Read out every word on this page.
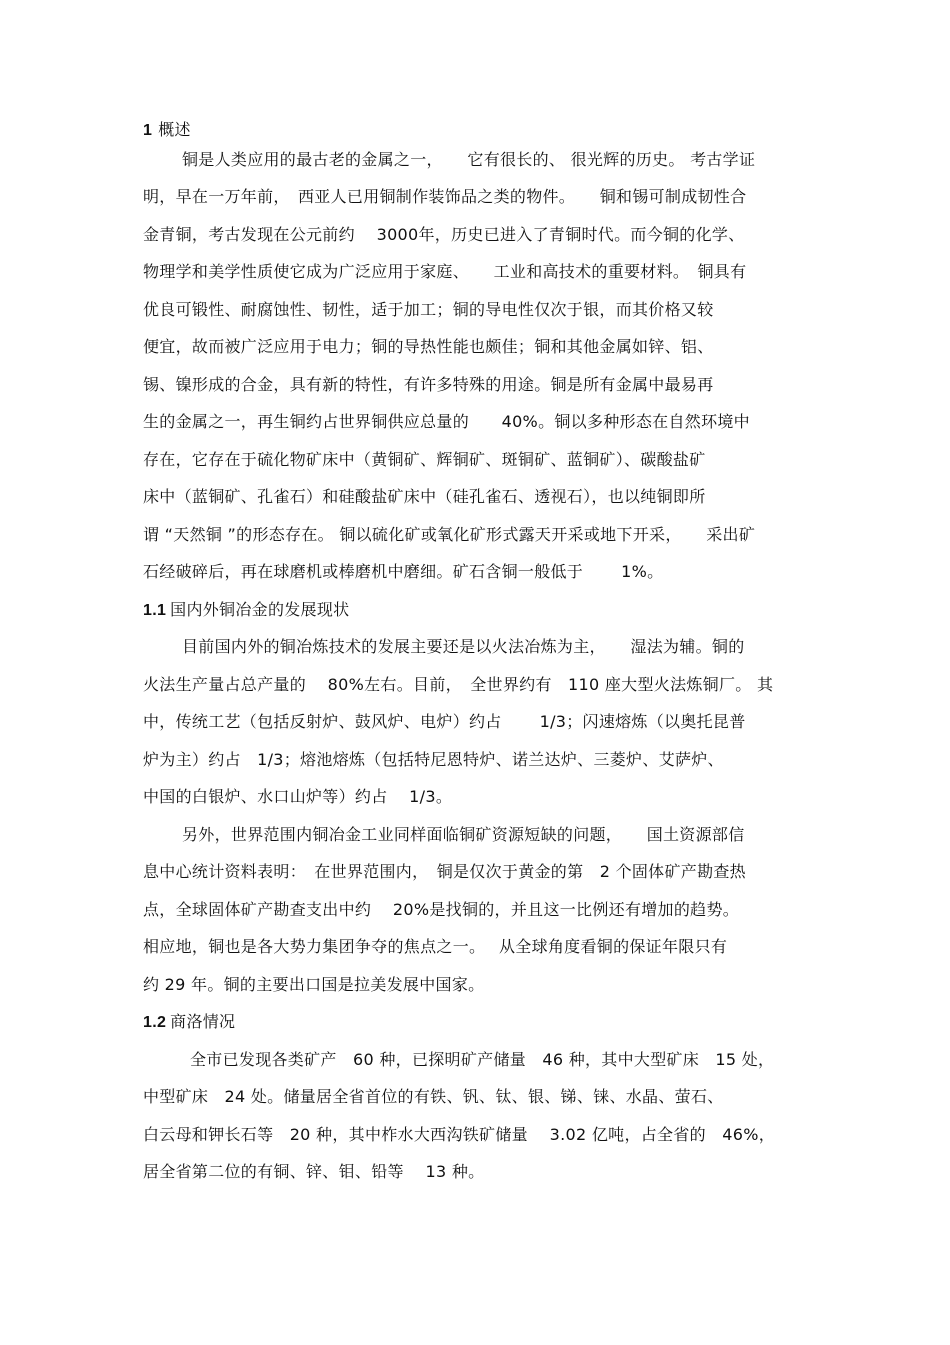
1 概述
铜是人类应用的最古老的金属之一，　　它有很长的、 很光辉的历史。 考古学证
明，早在一万年前，　西亚人已用铜制作装饰品之类的物件。　　铜和锡可制成韧性合
金青铜，考古发现在公元前约　 3000年，历史已进入了青铜时代。而今铜的化学、
物理学和美学性质使它成为广泛应用于家庭、　　工业和高技术的重要材料。　铜具有
优良可锻性、耐腐蚀性、韧性，适于加工；铜的导电性仅次于银，而其价格又较
便宜，故而被广泛应用于电力；铜的导热性能也颇佳；铜和其他金属如锌、铝、
锡、镍形成的合金，具有新的特性，有许多特殊的用途。铜是所有金属中最易再
生的金属之一，再生铜约占世界铜供应总量的　　40%。铜以多种形态在自然环境中
存在，它存在于硫化物矿床中（黄铜矿、辉铜矿、斑铜矿、蓝铜矿）、碳酸盐矿
床中（蓝铜矿、孔雀石）和硅酸盐矿床中（硅孔雀石、透视石），也以纯铜即所
谓 “天然铜 ”的形态存在。 铜以硫化矿或氧化矿形式露天开采或地下开采，　　采出矿
石经破碎后，再在球磨机或棒磨机中磨细。矿石含铜一般低于　　 1%。
1.1 国内外铜冶金的发展现状
目前国内外的铜冶炼技术的发展主要还是以火法冶炼为主，　　湿法为辅。铜的
火法生产量占总产量的　 80%左右。目前，　全世界约有　110 座大型火法炼铜厂。 其
中，传统工艺（包括反射炉、鼓风炉、电炉）约占　　 1/3；闪速熔炼（以奥托昆普
炉为主）约占　1/3；熔池熔炼（包括特尼恩特炉、诺兰达炉、三菱炉、艾萨炉、
中国的白银炉、水口山炉等）约占　 1/3。
另外，世界范围内铜冶金工业同样面临铜矿资源短缺的问题，　　国土资源部信
息中心统计资料表明：　在世界范围内，　铜是仅次于黄金的第　2 个固体矿产勘查热
点，全球固体矿产勘查支出中约　 20%是找铜的，并且这一比例还有增加的趋势。
相应地，铜也是各大势力集团争夺的焦点之一。　 从全球角度看铜的保证年限只有
约 29 年。铜的主要出口国是拉美发展中国家。
1.2 商洛情况
全市已发现各类矿产　60 种，已探明矿产储量　46 种，其中大型矿床　15 处，
中型矿床　24 处。储量居全省首位的有铁、钒、钛、银、锑、铼、水晶、萤石、
白云母和钾长石等　20 种，其中柞水大西沟铁矿储量　 3.02 亿吨，占全省的　46%，
居全省第二位的有铜、锌、钼、铅等　 13 种。
